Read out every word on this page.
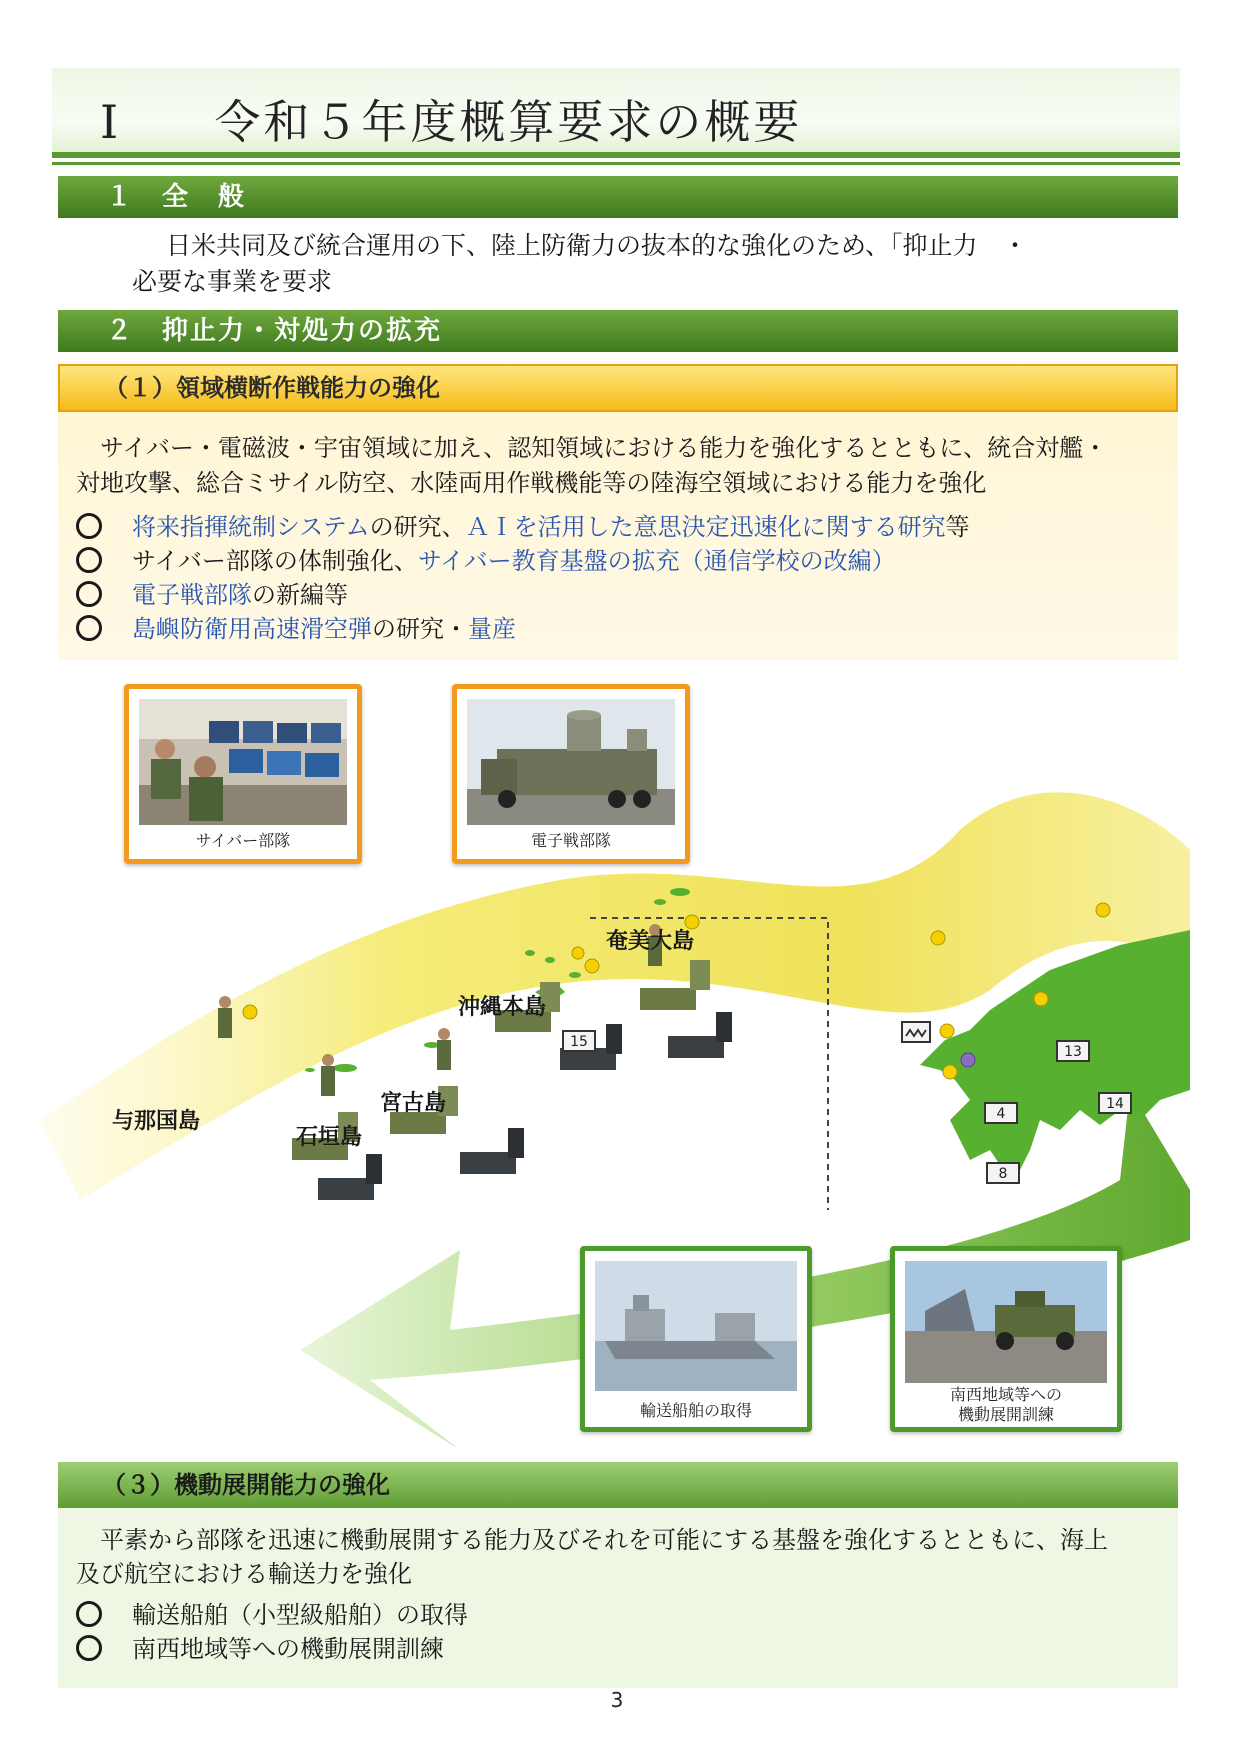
Ⅰ 令和５年度概算要求の概要
１　全　般
日米共同及び統合運用の下、陸上防衛力の抜本的な強化のため、「抑止力　・
必要な事業を要求
２　抑止力・対処力の拡充
（１）領域横断作戦能力の強化
サイバー・電磁波・宇宙領域に加え、認知領域における能力を強化するとともに、統合対艦・
対地攻撃、総合ミサイル防空、水陸両用作戦機能等の陸海空領域における能力を強化
将来指揮統制システムの研究、ＡＩを活用した意思決定迅速化に関する研究等
サイバー部隊の体制強化、サイバー教育基盤の拡充（通信学校の改編）
電子戦部隊の新編等
島嶼防衛用高速滑空弾の研究・量産
サイバー部隊	電子戦部隊
奄美大島
沖縄本島
宮古島
与那国島
石垣島
15
13
4
14
8
輸送船舶の取得
南西地域等への
機動展開訓練
（３）機動展開能力の強化
平素から部隊を迅速に機動展開する能力及びそれを可能にする基盤を強化するとともに、海上
及び航空における輸送力を強化
輸送船舶（小型級船舶）の取得
南西地域等への機動展開訓練
3
